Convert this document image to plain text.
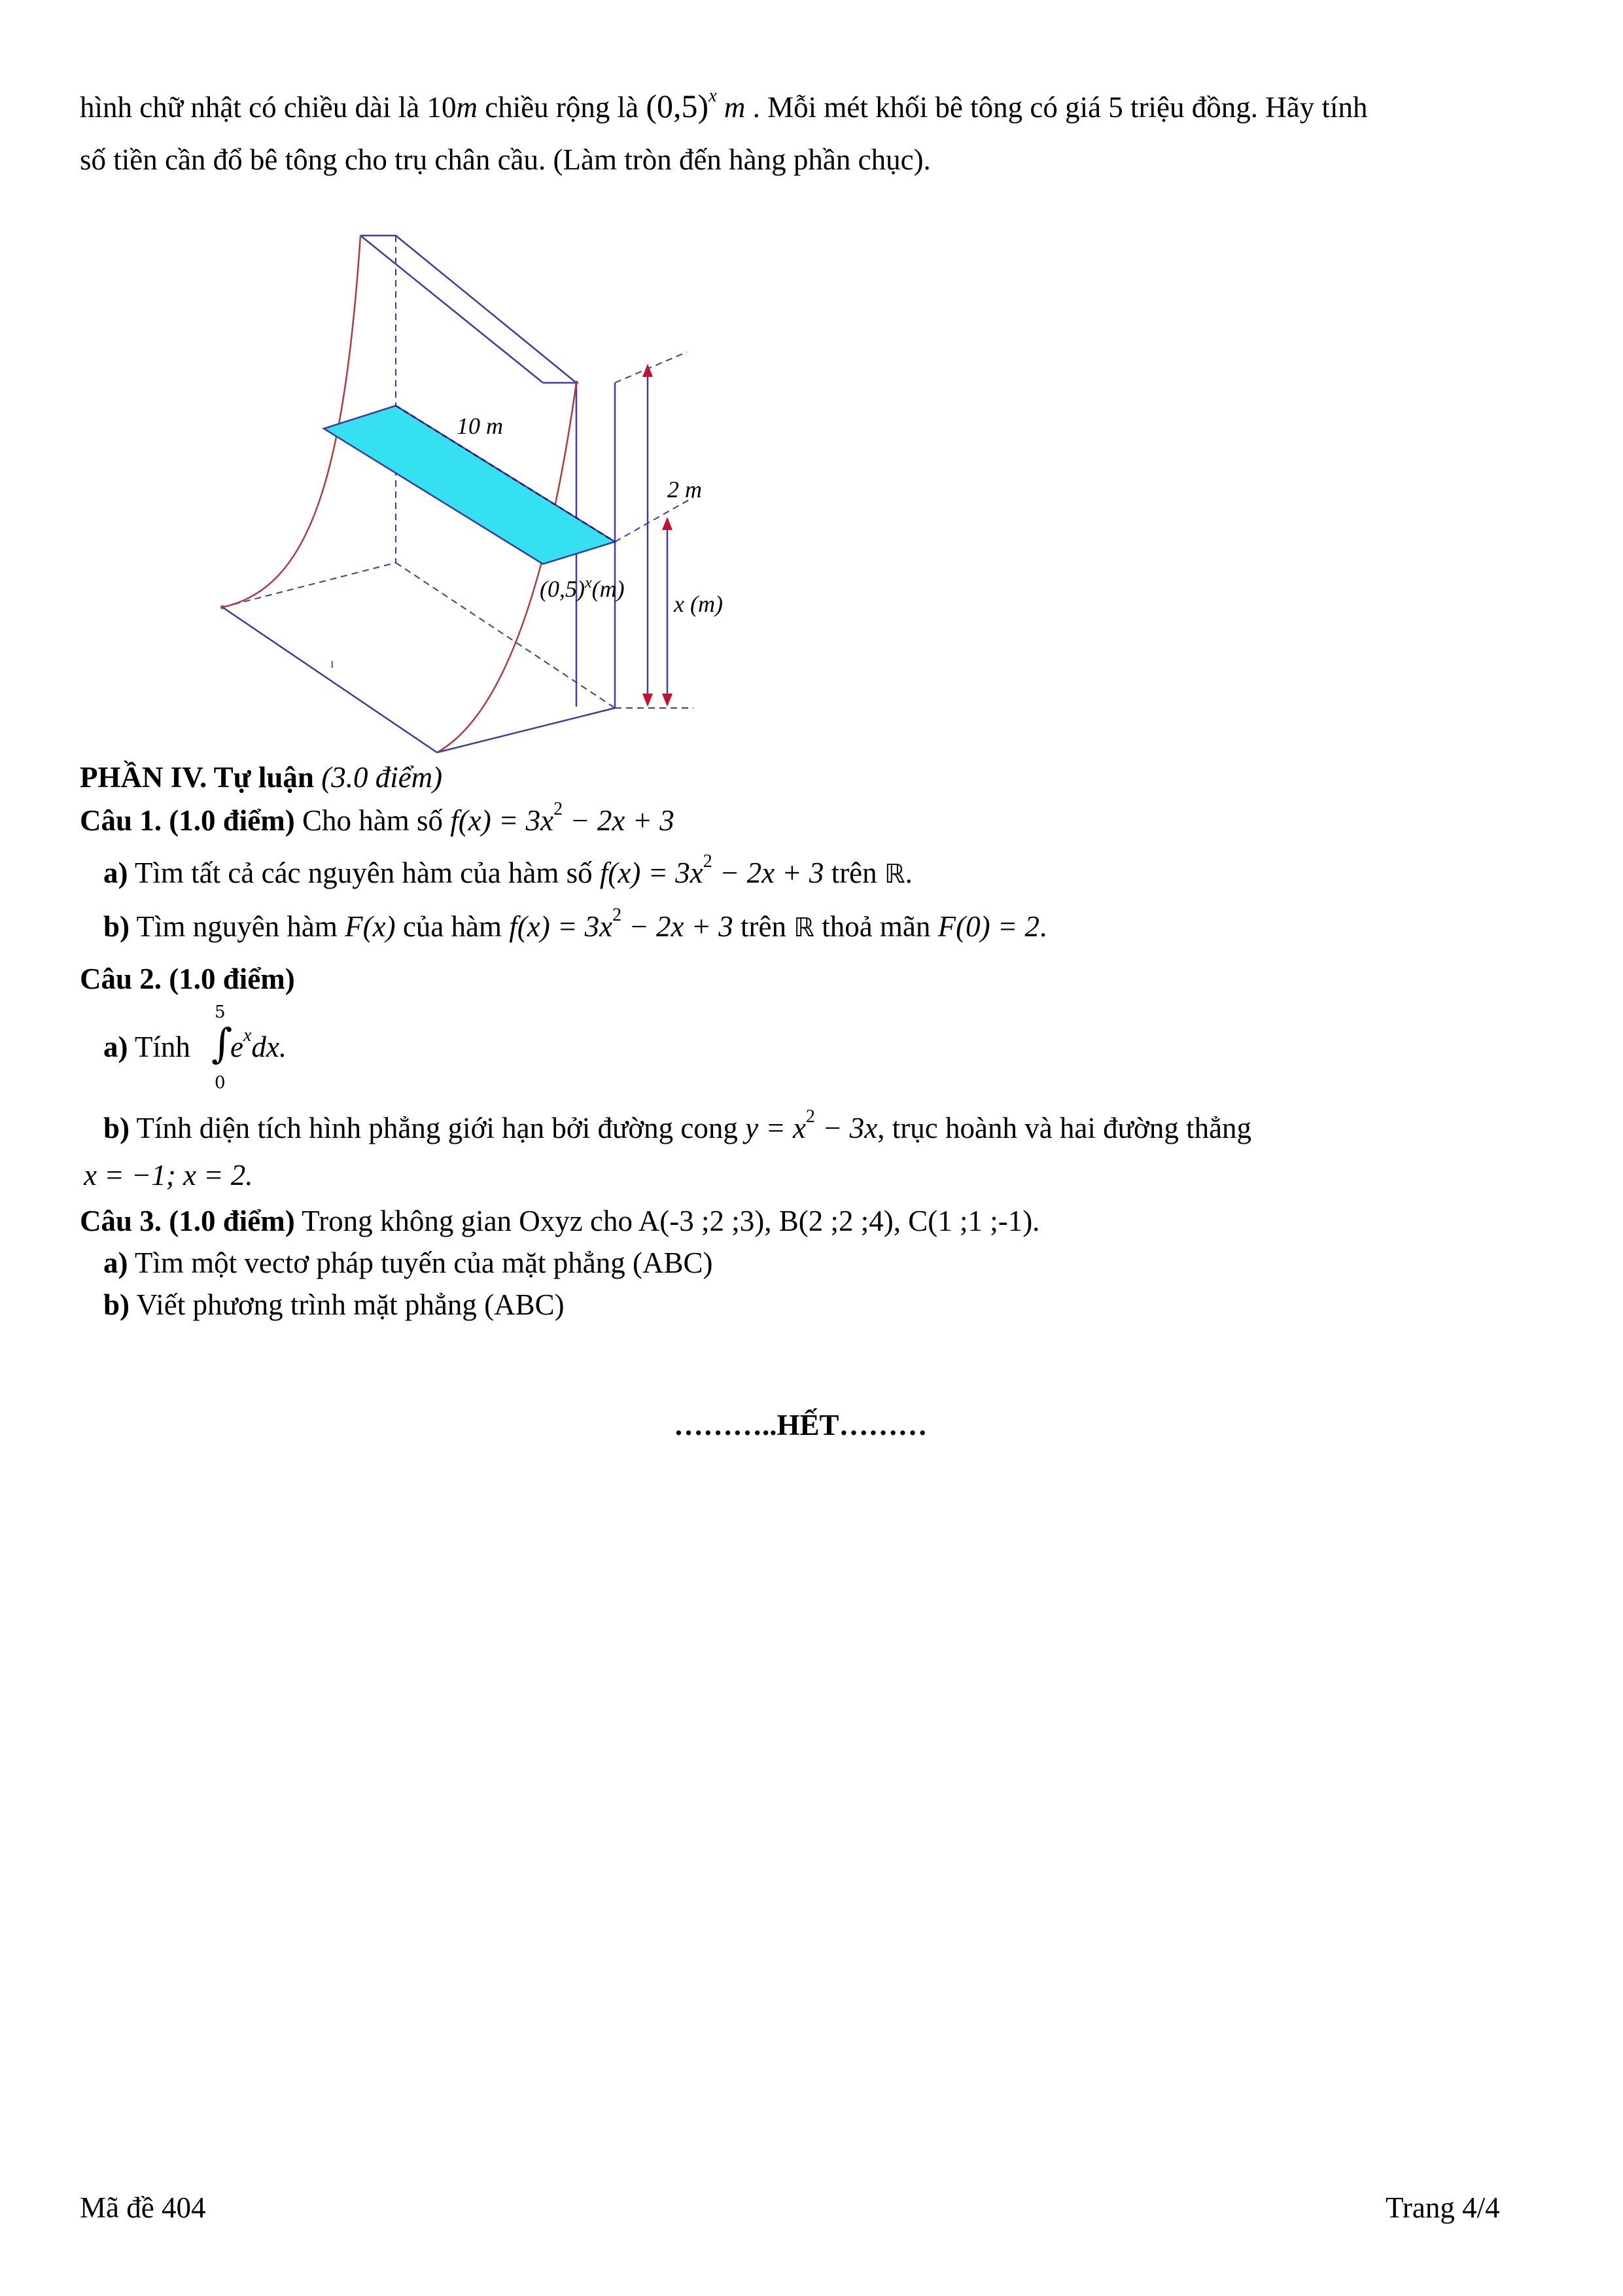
hình chữ nhật có chiều dài là 10m chiều rộng là $(0,5)^x$ m . Mỗi mét khối bê tông có giá 5 triệu đồng. Hãy tính
số tiền cần đổ bê tông cho trụ chân cầu. (Làm tròn đến hàng phần chục).
10 m
2 m
x (m)
$(0,5)^x(m)$
ı
PHẦN IV. Tự luận (3.0 điểm)
Câu 1. (1.0 điểm) Cho hàm số $f(x) = 3x^2 - 2x + 3$
a) Tìm tất cả các nguyên hàm của hàm số $f(x) = 3x^2 - 2x + 3$ trên ℝ.
b) Tìm nguyên hàm F(x) của hàm $f(x) = 3x^2 - 2x + 3$ trên ℝ thoả mãn F(0) = 2.
Câu 2. (1.0 điểm)
a) Tính
5
∫
0
$e^xdx$.
b) Tính diện tích hình phẳng giới hạn bởi đường cong $y = x^2 - 3x$, trục hoành và hai đường thẳng
x = −1; x = 2.
Câu 3. (1.0 điểm) Trong không gian Oxyz cho A(-3 ;2 ;3), B(2 ;2 ;4), C(1 ;1 ;-1).
a) Tìm một vectơ pháp tuyến của mặt phẳng (ABC)
b) Viết phương trình mặt phẳng (ABC)
………..HẾT………
Mã đề 404	Trang 4/4
